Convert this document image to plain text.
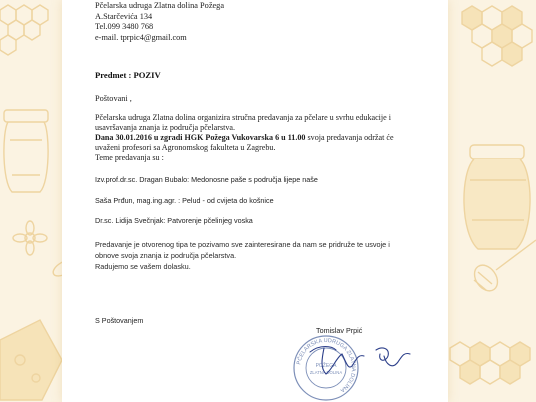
Pčelarska udruga Zlatna dolina Požega
A.Starčevića 134
Tel.099 3480 768
e-mail. tprpic4@gmail.com
Predmet : POZIV
Poštovani ,
Pčelarska udruga Zlatna dolina organizira stručna predavanja za pčelare u svrhu edukacije i
usavršavanja znanja iz područja pčelarstva.
Dana 30.01.2016 u zgradi HGK Požega Vukovarska 6 u 11.00 svoja predavanja održat će
uvaženi profesori sa Agronomskog fakulteta u Zagrebu.
Teme predavanja su :
Izv.prof.dr.sc. Dragan Bubalo: Medonosne paše s područja lijepe naše
Saša Prđun, mag.ing.agr. : Pelud - od cvijeta do košnice
Dr.sc. Lidija Svečnjak: Patvorenje pčelinjeg voska
Predavanje je otvorenog tipa te pozivamo sve zainteresirane da nam se pridruže te usvoje i
obnove svoja znanja iz područja pčelarstva.
Radujemo se vašem dolasku.
S Poštovanjem
Tomislav Prpić
PČELARSKA UDRUGA ZLATNA DOLINA
POŽEGA
ZLATNA DOLINA
